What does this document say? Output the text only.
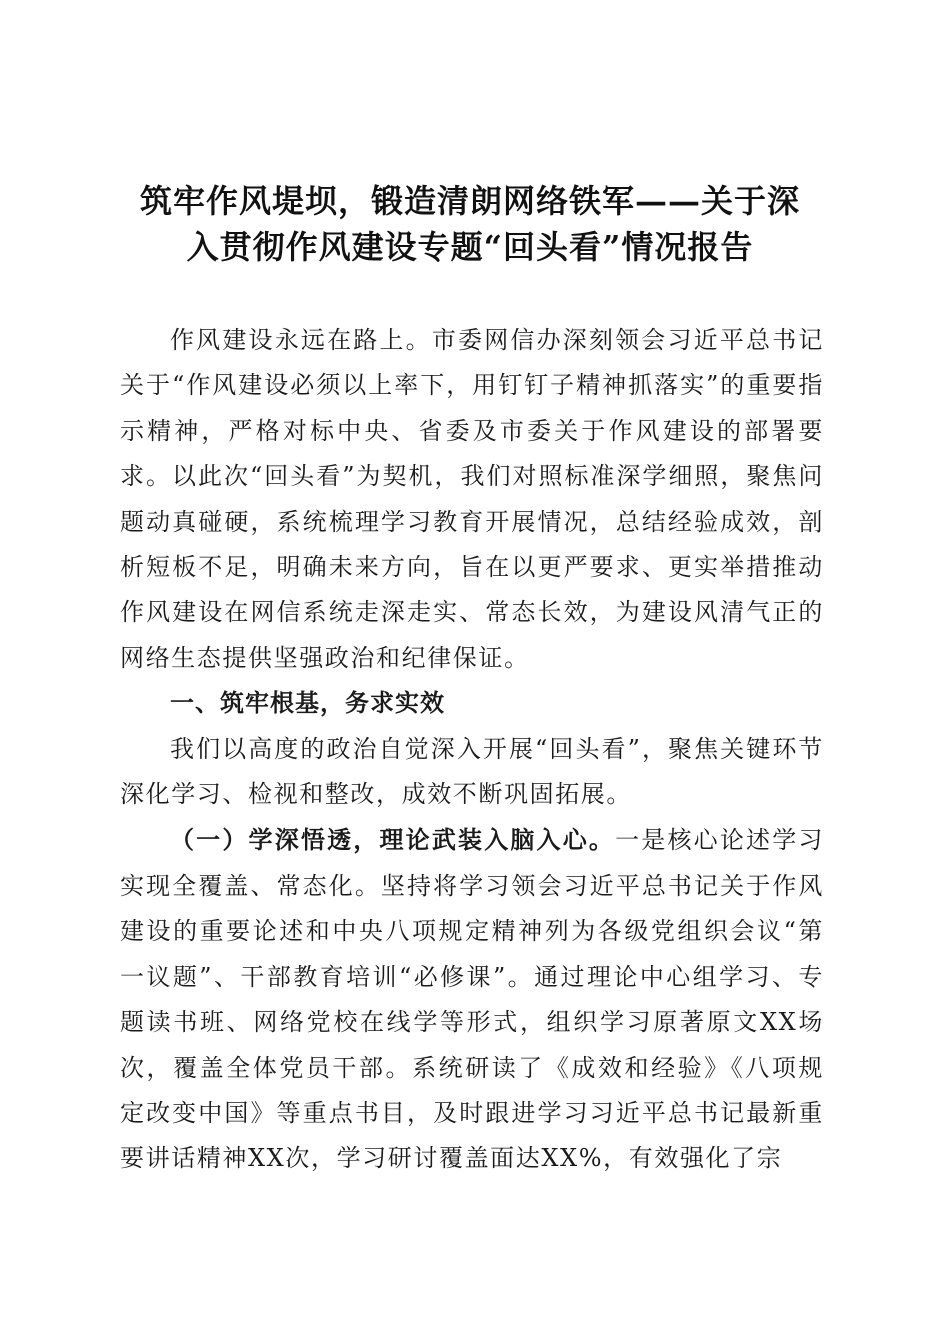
筑牢作风堤坝，锻造清朗网络铁军——关于深
入贯彻作风建设专题“回头看”情况报告

作风建设永远在路上。市委网信办深刻领会习近平总书记关于“作风建设必须以上率下，用钉钉子精神抓落实”的重要指示精神，严格对标中央、省委及市委关于作风建设的部署要求。以此次“回头看”为契机，我们对照标准深学细照，聚焦问题动真碰硬，系统梳理学习教育开展情况，总结经验成效，剖析短板不足，明确未来方向，旨在以更严要求、更实举措推动作风建设在网信系统走深走实、常态长效，为建设风清气正的网络生态提供坚强政治和纪律保证。

一、筑牢根基，务求实效

我们以高度的政治自觉深入开展“回头看”，聚焦关键环节深化学习、检视和整改，成效不断巩固拓展。

（一）学深悟透，理论武装入脑入心。一是核心论述学习实现全覆盖、常态化。坚持将学习领会习近平总书记关于作风建设的重要论述和中央八项规定精神列为各级党组织会议“第一议题”、干部教育培训“必修课”。通过理论中心组学习、专题读书班、网络党校在线学等形式，组织学习原著原文XX场次，覆盖全体党员干部。系统研读了《成效和经验》《八项规定改变中国》等重点书目，及时跟进学习习近平总书记最新重要讲话精神XX次，学习研讨覆盖面达XX%，有效强化了宗
